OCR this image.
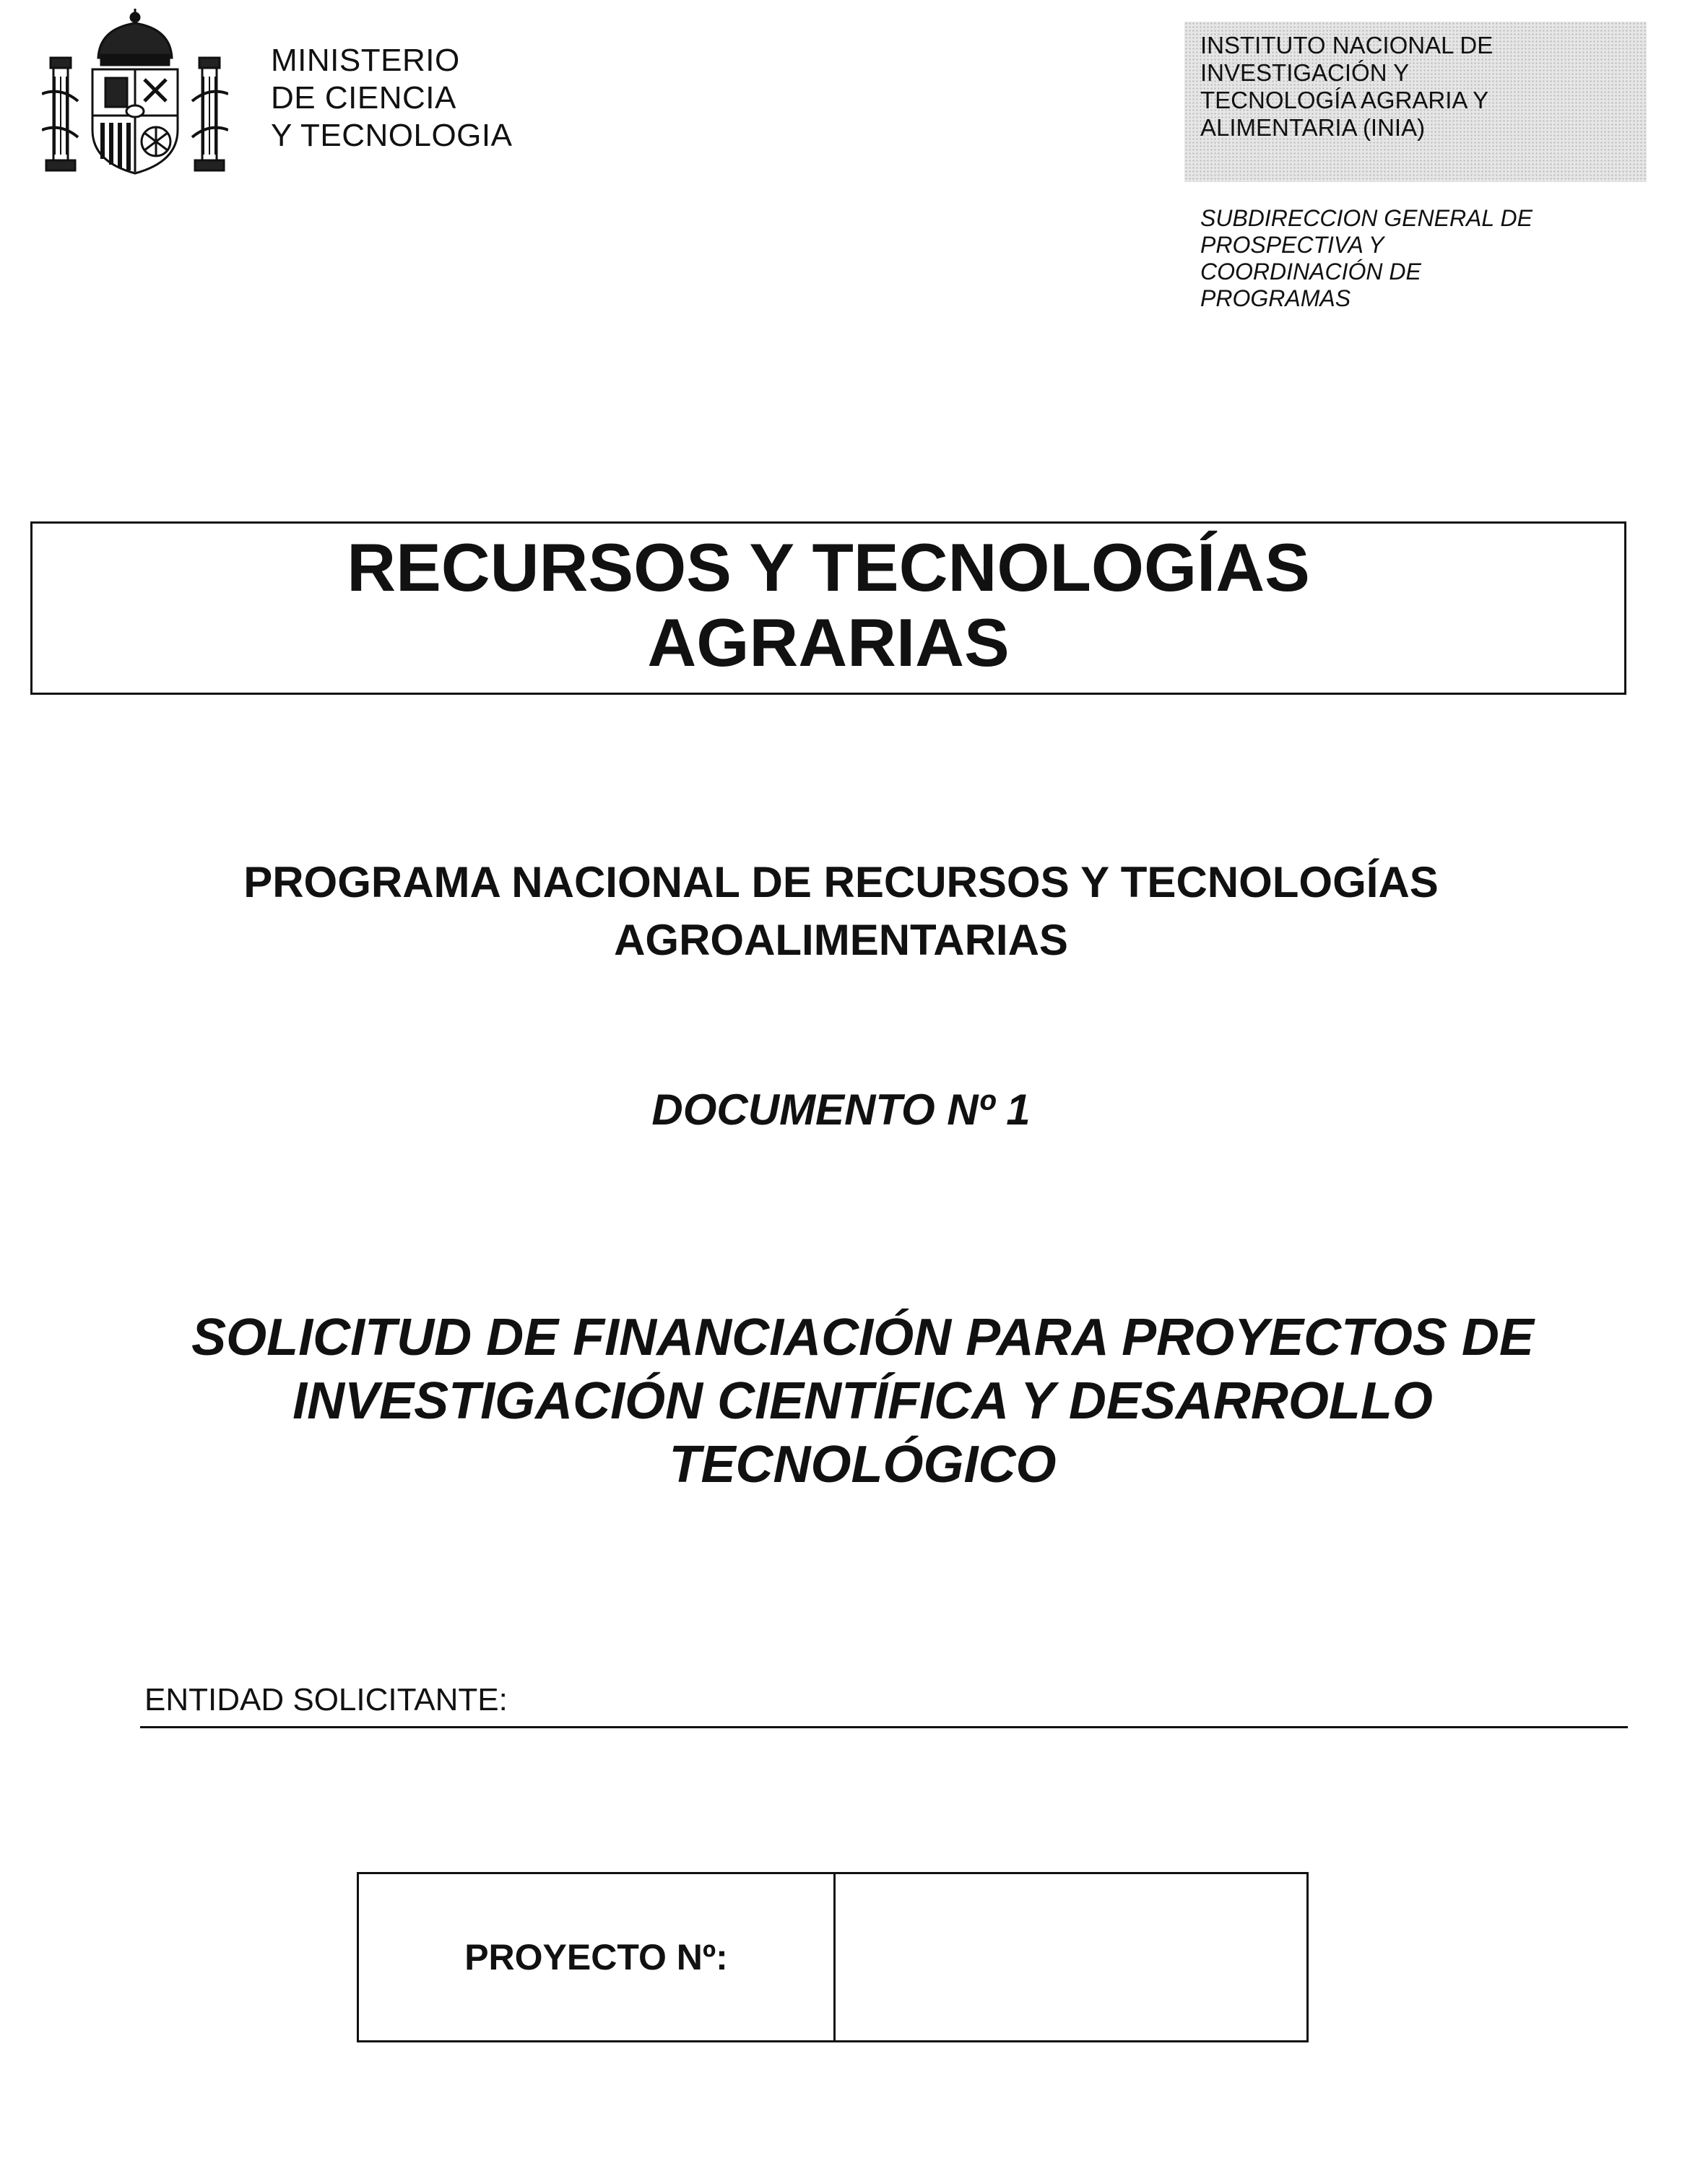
MINISTERIO
DE CIENCIA
Y TECNOLOGIA
INSTITUTO NACIONAL DE
INVESTIGACIÓN Y
TECNOLOGÍA AGRARIA Y
ALIMENTARIA (INIA)
SUBDIRECCION GENERAL DE
PROSPECTIVA Y
COORDINACIÓN DE
PROGRAMAS
RECURSOS Y TECNOLOGÍAS
AGRARIAS
PROGRAMA NACIONAL DE RECURSOS Y TECNOLOGÍAS
AGROALIMENTARIAS
DOCUMENTO Nº 1
SOLICITUD DE FINANCIACIÓN PARA PROYECTOS DE
INVESTIGACIÓN CIENTÍFICA Y DESARROLLO
TECNOLÓGICO
ENTIDAD SOLICITANTE:
PROYECTO Nº:
